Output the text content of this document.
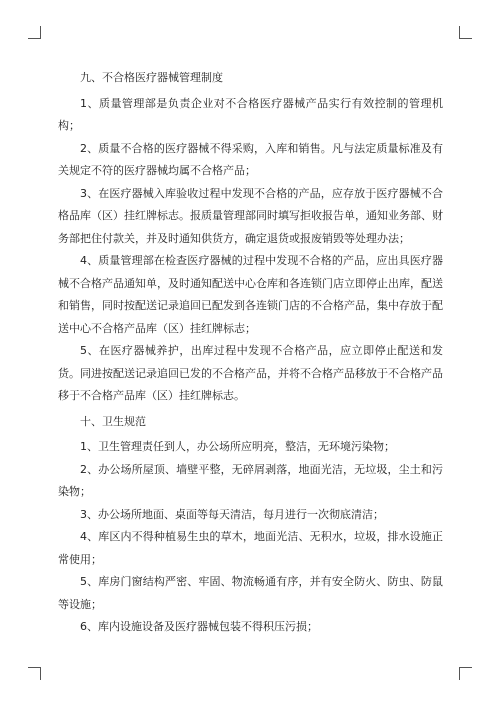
九、不合格医疗器械管理制度

1、质量管理部是负责企业对不合格医疗器械产品实行有效控制的管理机构；

2、质量不合格的医疗器械不得采购，入库和销售。凡与法定质量标准及有关规定不符的医疗器械均属不合格产品；

3、在医疗器械入库验收过程中发现不合格的产品，应存放于医疗器械不合格品库（区）挂红牌标志。报质量管理部同时填写拒收报告单，通知业务部、财务部把住付款关，并及时通知供货方，确定退货或报废销毁等处理办法；

4、质量管理部在检查医疗器械的过程中发现不合格的产品，应出具医疗器械不合格产品通知单，及时通知配送中心仓库和各连锁门店立即停止出库，配送和销售，同时按配送记录追回已配发到各连锁门店的不合格产品，集中存放于配送中心不合格产品库（区）挂红牌标志；

5、在医疗器械养护，出库过程中发现不合格产品，应立即停止配送和发货。同进按配送记录追回已发的不合格产品，并将不合格产品移放于不合格产品移于不合格产品库（区）挂红牌标志。

十、卫生规范

1、卫生管理责任到人，办公场所应明亮，整洁，无环境污染物；

2、办公场所屋顶、墙壁平整，无碎屑剥落，地面光洁，无垃圾，尘土和污染物；

3、办公场所地面、桌面等每天清洁，每月进行一次彻底清洁；

4、库区内不得种植易生虫的草木，地面光洁、无积水，垃圾，排水设施正常使用；

5、库房门窗结构严密、牢固、物流畅通有序，并有安全防火、防虫、防鼠等设施；

6、库内设施设备及医疗器械包装不得积压污损；
